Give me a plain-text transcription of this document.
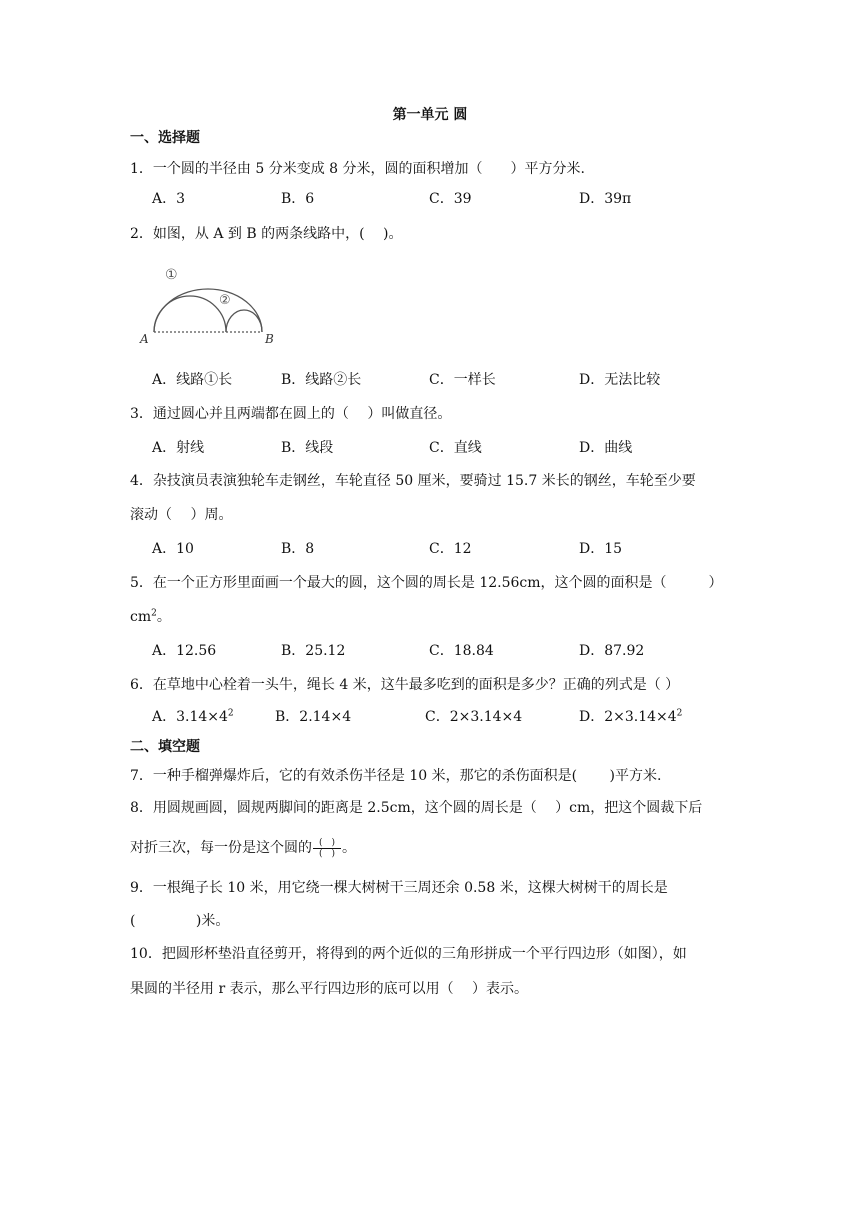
第一单元 圆
一、选择题
1．一个圆的半径由 5 分米变成 8 分米，圆的面积增加（　　）平方分米.
A．3	B．6	C．39	D．39π
2．如图，从 A 到 B 的两条线路中，(　 )。
A	B
①
②
A．线路①长	B．线路②长	C．一样长	D．无法比较
3．通过圆心并且两端都在圆上的（　 ）叫做直径。
A．射线	B．线段	C．直线	D．曲线
4．杂技演员表演独轮车走钢丝，车轮直径 50 厘米，要骑过 15.7 米长的钢丝，车轮至少要
滚动（　 ）周。
A．10	B．8	C．12	D．15
5．在一个正方形里面画一个最大的圆，这个圆的周长是 12.56cm，这个圆的面积是（　　　）
$cm^2$。
A．12.56	B．25.12	C．18.84	D．87.92
6．在草地中心栓着一头牛，绳长 4 米，这牛最多吃到的面积是多少？正确的列式是（ ）
A．$3.14\times 4^2$	B．2.14×4	C．2×3.14×4	D．$2\times 3.14\times 4^2$
二、填空题
7．一种手榴弹爆炸后，它的有效杀伤半径是 10 米，那它的杀伤面积是(　　 )平方米.
8．用圆规画圆，圆规两脚间的距离是 2.5cm，这个圆的周长是（　 ）cm，把这个圆裁下后
对折三次，每一份是这个圆的 $\frac{( )}{( )}$ 。
9．一根绳子长 10 米，用它绕一棵大树树干三周还余 0.58 米，这棵大树树干的周长是
(　　　　 )米。
10．把圆形杯垫沿直径剪开，将得到的两个近似的三角形拼成一个平行四边形（如图），如
果圆的半径用 r 表示，那么平行四边形的底可以用（　 ）表示。
